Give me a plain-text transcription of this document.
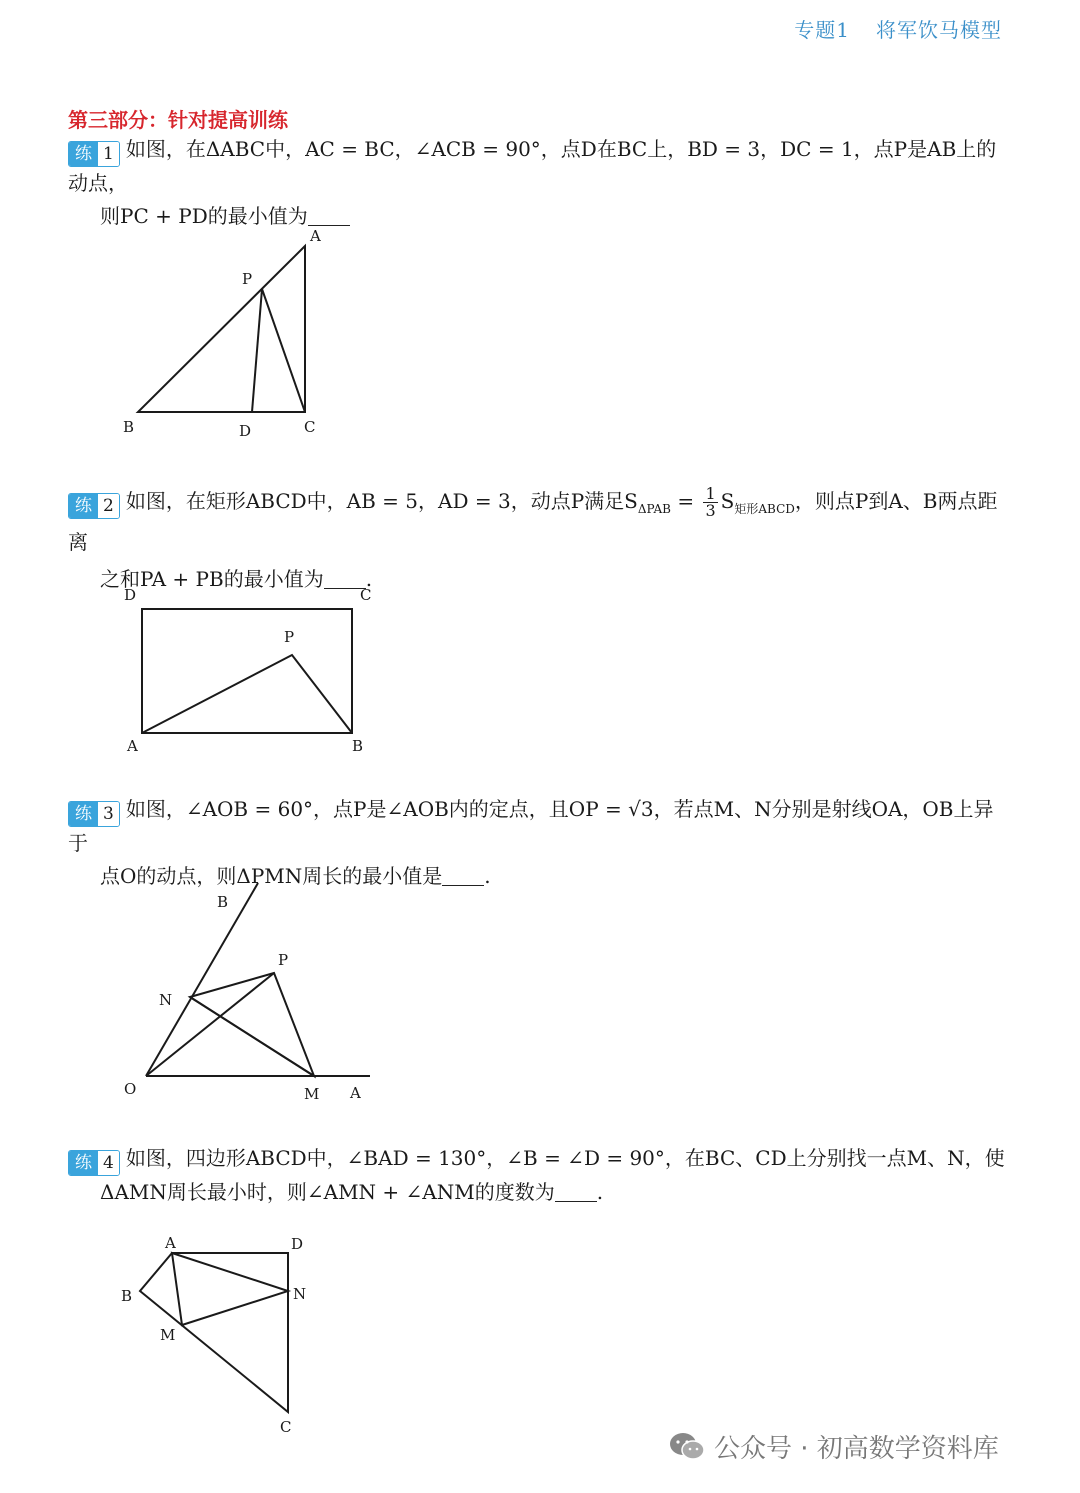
专题1 将军饮马模型
第三部分：针对提高训练
练 1 如图，在ΔABC中，AC = BC，∠ACB = 90°，点D在BC上，BD = 3，DC = 1，点P是AB上的动点，
则PC + PD的最小值为
A
P
B	D	C
练 2 如图，在矩形ABCD中，AB = 5，AD = 3，动点P满足$S_{\Delta PAB} = \frac{1}{3} S_{矩形ABCD}$，则点P到A、B两点距离
之和PA + PB的最小值为 .
D	C
P
A	B
练 3 如图，∠AOB = 60°，点P是∠AOB内的定点，且OP = √3，若点M、N分别是射线OA，OB上异于
点O的动点，则ΔPMN周长的最小值是 .
B
P
N
O	M A
练 4 如图，四边形ABCD中，∠BAD = 130°，∠B = ∠D = 90°，在BC、CD上分别找一点M、N，使
ΔAMN周长最小时，则∠AMN + ∠ANM的度数为 .
A	D
B	N
M
C
公众号 · 初高数学资料库
